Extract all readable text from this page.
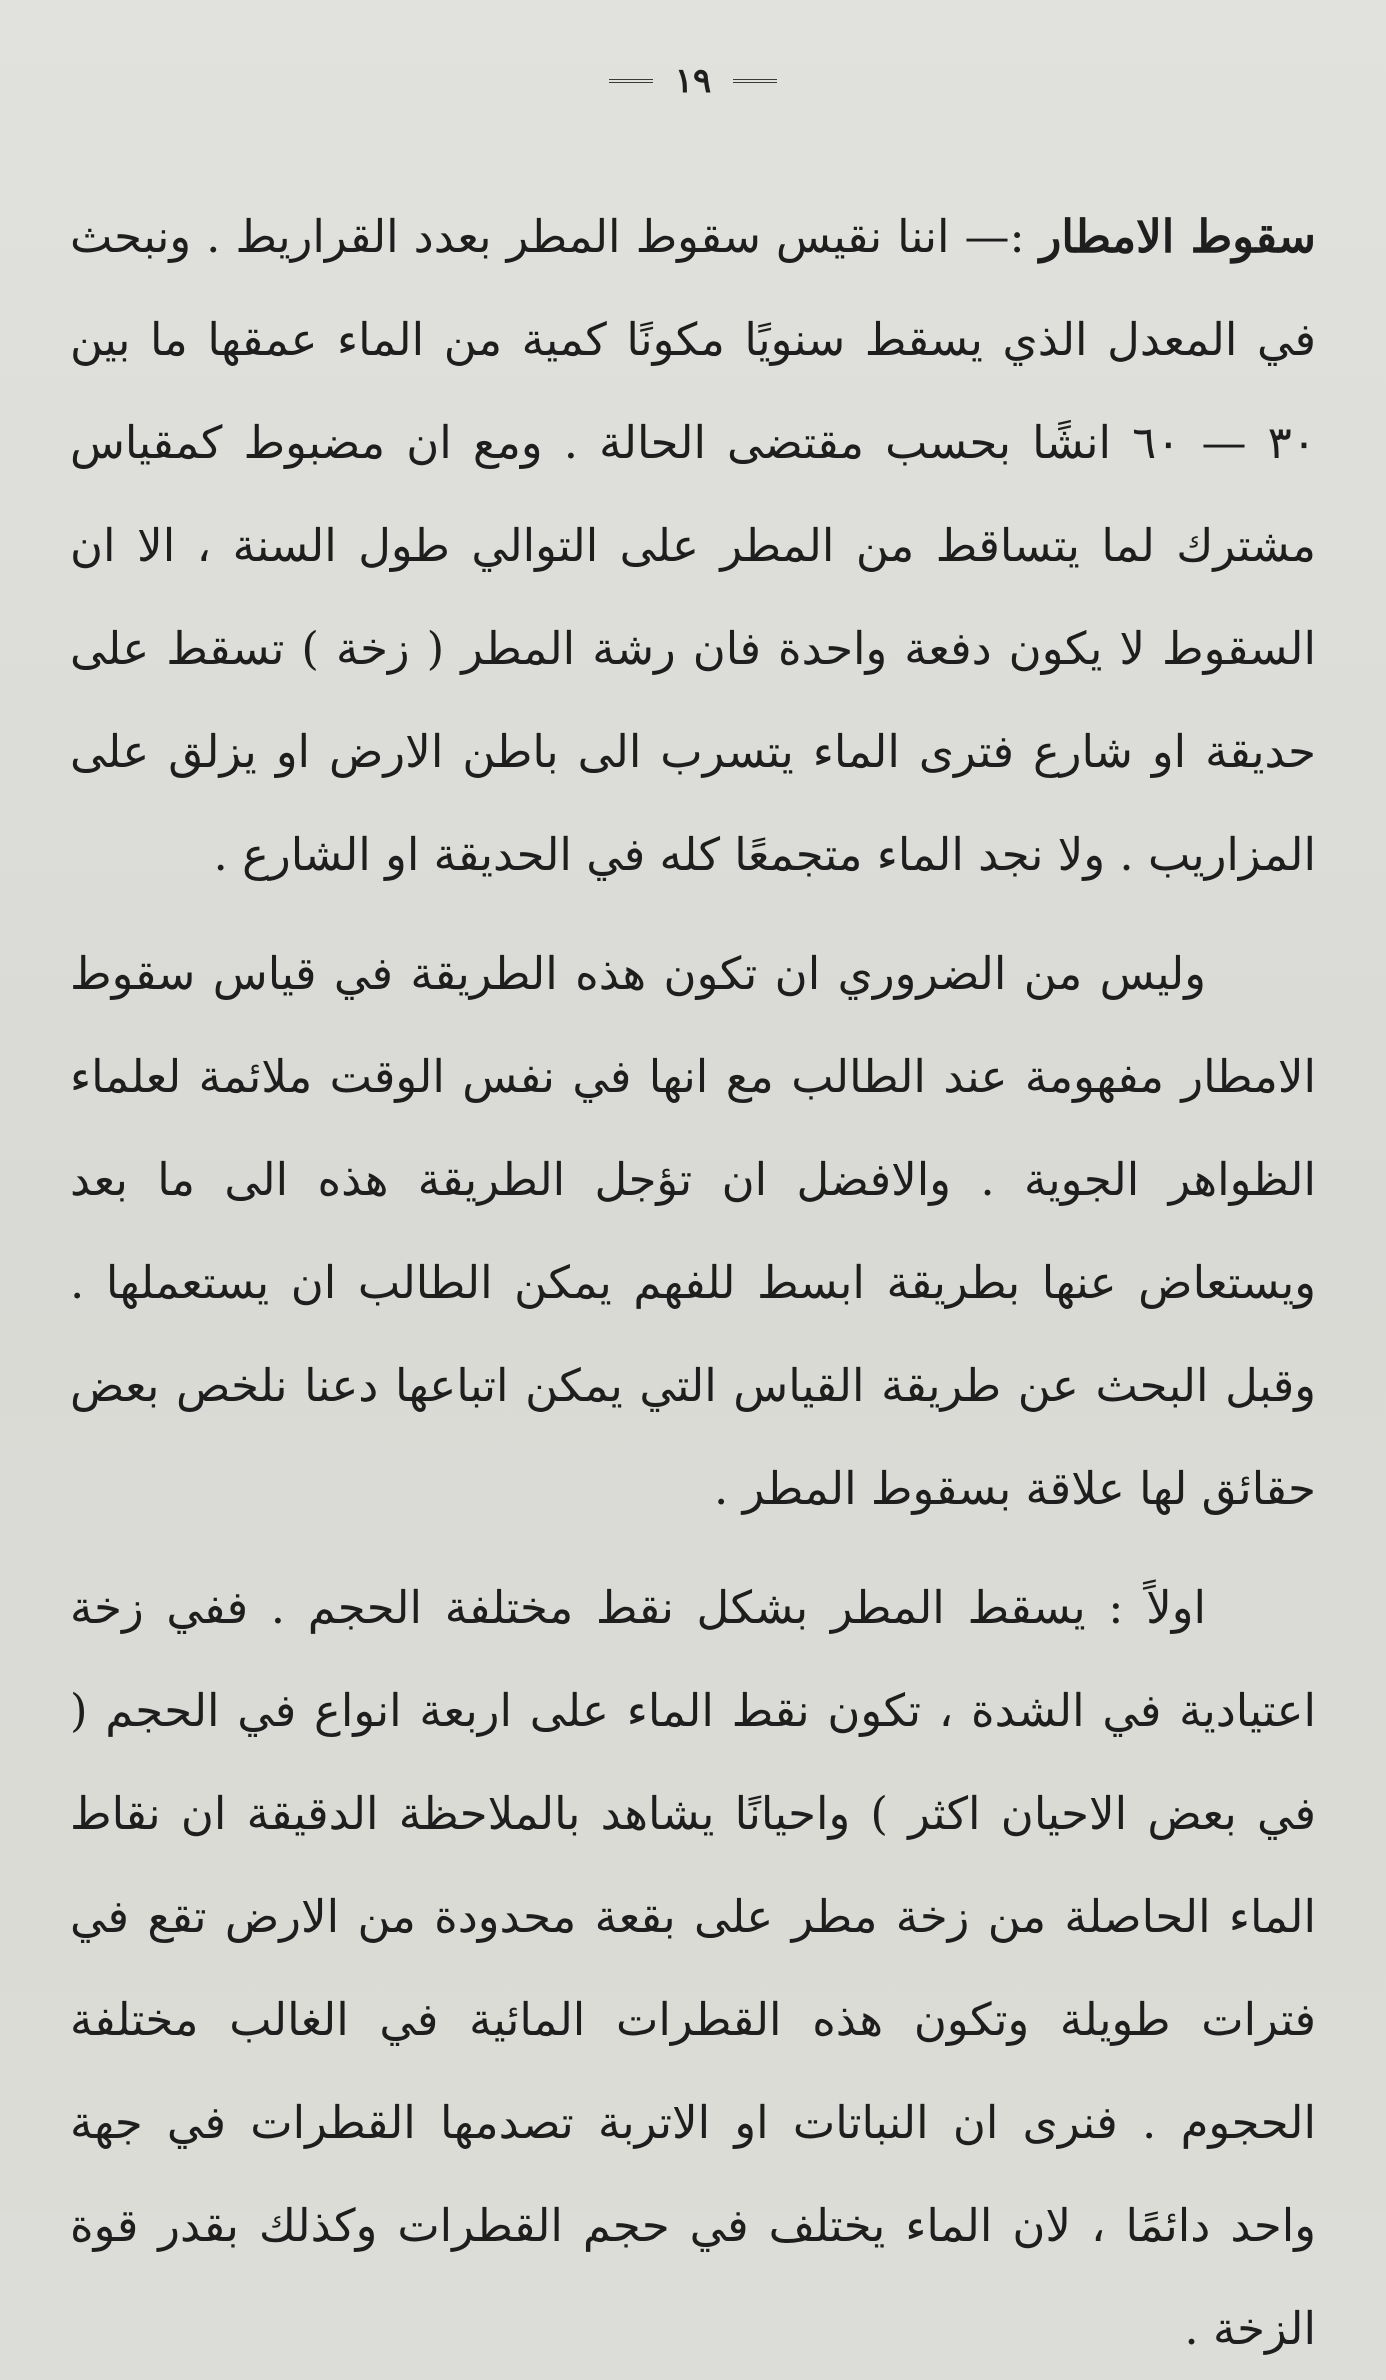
١٩

سقوط الامطار :— اننا نقيس سقوط المطر بعدد القراريط . ونبحث في المعدل الذي يسقط سنويًا مكونًا كمية من الماء عمقها ما بين ٣٠ — ٦٠ انشًا بحسب مقتضى الحالة . ومع ان مضبوط كمقياس مشترك لما يتساقط من المطر على التوالي طول السنة ، الا ان السقوط لا يكون دفعة واحدة فان رشة المطر ( زخة ) تسقط على حديقة او شارع فترى الماء يتسرب الى باطن الارض او يزلق على المزاريب . ولا نجد الماء متجمعًا كله في الحديقة او الشارع .

وليس من الضروري ان تكون هذه الطريقة في قياس سقوط الامطار مفهومة عند الطالب مع انها في نفس الوقت ملائمة لعلماء الظواهر الجوية . والافضل ان تؤجل الطريقة هذه الى ما بعد ويستعاض عنها بطريقة ابسط للفهم يمكن الطالب ان يستعملها . وقبل البحث عن طريقة القياس التي يمكن اتباعها دعنا نلخص بعض حقائق لها علاقة بسقوط المطر .

اولاً : يسقط المطر بشكل نقط مختلفة الحجم . ففي زخة اعتيادية في الشدة ، تكون نقط الماء على اربعة انواع في الحجم ( في بعض الاحيان اكثر ) واحيانًا يشاهد بالملاحظة الدقيقة ان نقاط الماء الحاصلة من زخة مطر على بقعة محدودة من الارض تقع في فترات طويلة وتكون هذه القطرات المائية في الغالب مختلفة الحجوم . فنرى ان النباتات او الاتربة تصدمها القطرات في جهة واحد دائمًا ، لان الماء يختلف في حجم القطرات وكذلك بقدر قوة الزخة .
